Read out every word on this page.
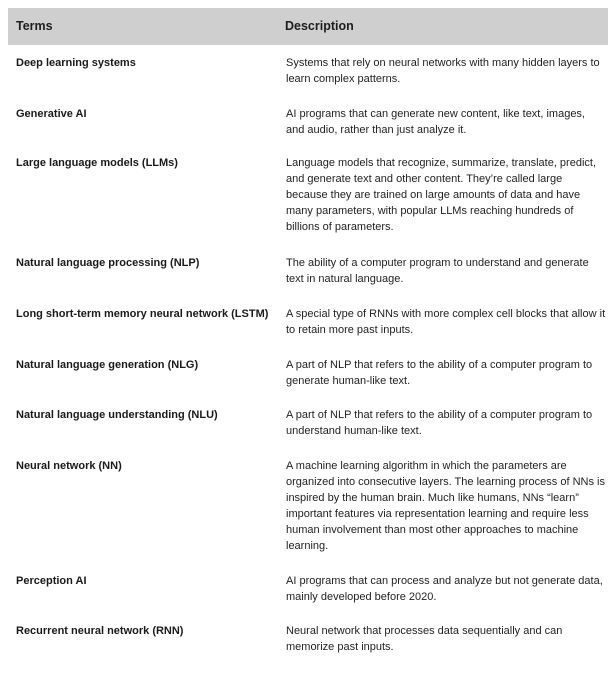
Terms	Description
Deep learning systems	Systems that rely on neural networks with many hidden layers to learn complex patterns.
Generative AI	AI programs that can generate new content, like text, images, and audio, rather than just analyze it.
Large language models (LLMs)	Language models that recognize, summarize, translate, predict, and generate text and other content. They’re called large because they are trained on large amounts of data and have many parameters, with popular LLMs reaching hundreds of billions of parameters.
Natural language processing (NLP)	The ability of a computer program to understand and generate text in natural language.
Long short-term memory neural network (LSTM)	A special type of RNNs with more complex cell blocks that allow it to retain more past inputs.
Natural language generation (NLG)	A part of NLP that refers to the ability of a computer program to generate human-like text.
Natural language understanding (NLU)	A part of NLP that refers to the ability of a computer program to understand human-like text.
Neural network (NN)	A machine learning algorithm in which the parameters are organized into consecutive layers. The learning process of NNs is inspired by the human brain. Much like humans, NNs “learn” important features via representation learning and require less human involvement than most other approaches to machine learning.
Perception AI	AI programs that can process and analyze but not generate data, mainly developed before 2020.
Recurrent neural network (RNN)	Neural network that processes data sequentially and can memorize past inputs.
